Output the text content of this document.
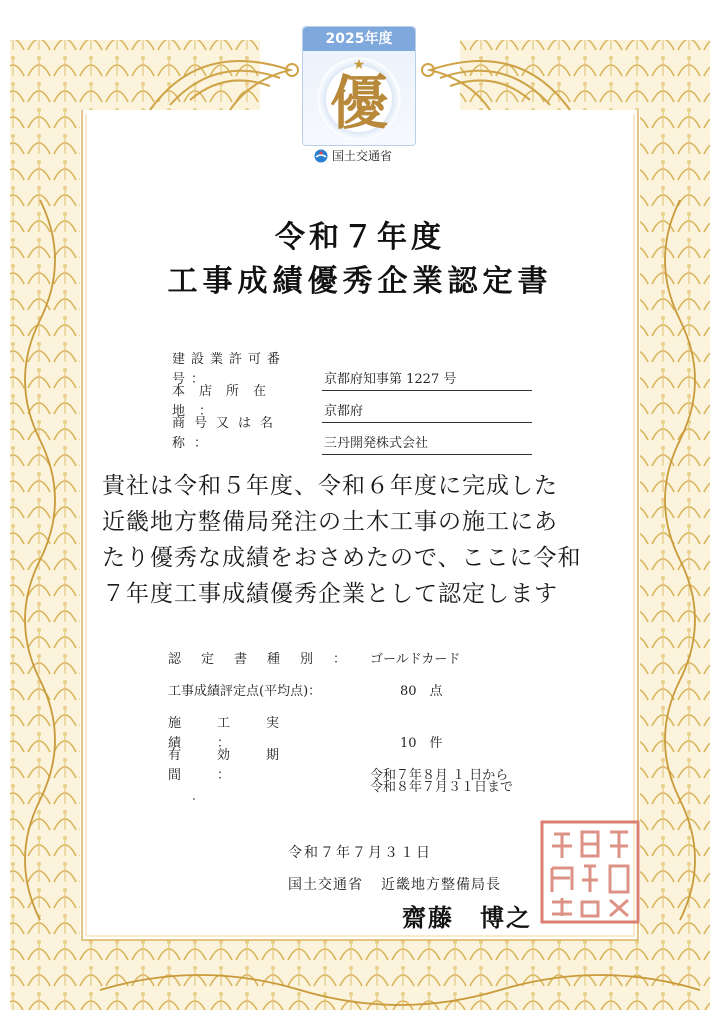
2025年度
★
優
国土交通省
令和７年度
工事成績優秀企業認定書
建設業許可番号：	京都府知事第 1227 号
本店所在地：	京都府
商号又は名称：	三丹開発株式会社
貴社は令和５年度、令和６年度に完成した
近畿地方整備局発注の土木工事の施工にあ
たり優秀な成績をおさめたので、ここに令和
７年度工事成績優秀企業として認定します
認定書種別： ゴールドカード
工事成績評定点(平均点)：	80　点
施工実績：	10　件
有効期間：	令和７年８月 １ 日から
令和８年７月３１日まで
令和７年７月３１日
国土交通省 近畿地方整備局長
齋藤　博之
